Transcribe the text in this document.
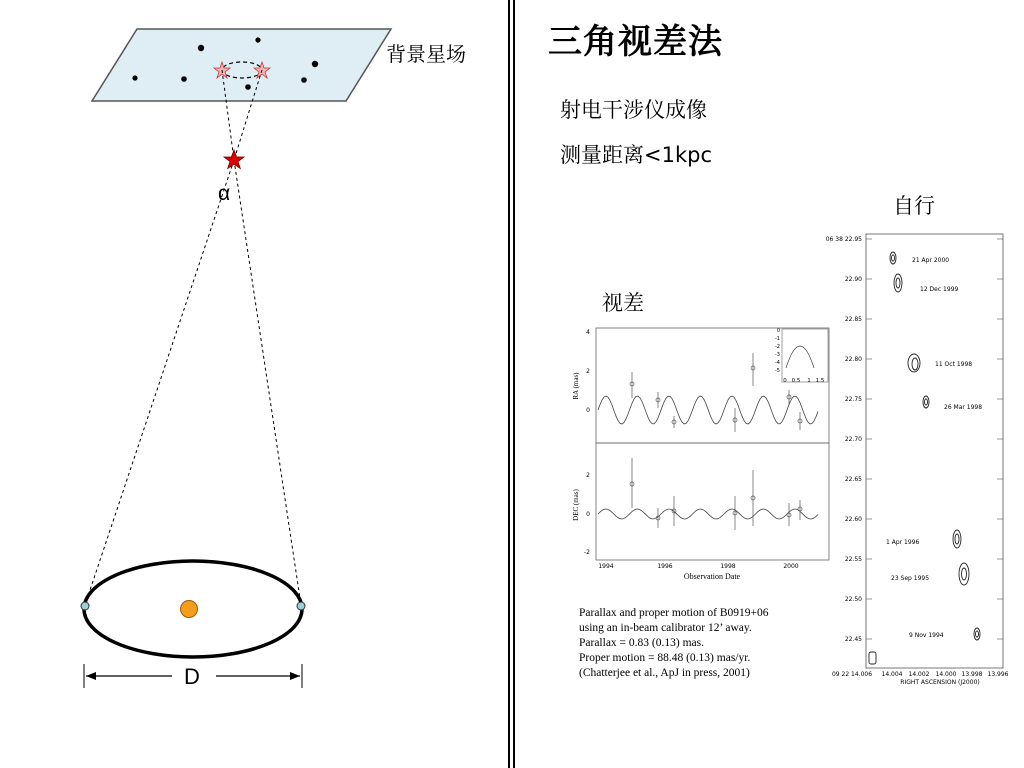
背景星场
α
D
三角视差法
射电干涉仪成像
测量距离<1kpc
自行
视差
4
2
0
RA (mas)
2
0
-2
DEC (mas)
0
-1
-2
-3
-4
-5
0 0.5 1 1.5
1994	1996	1998	2000
Observation Date
Parallax and proper motion of B0919+06
using an in-beam calibrator 12’ away.
Parallax = 0.83 (0.13) mas.
Proper motion = 88.48 (0.13) mas/yr.
(Chatterjee et al., ApJ in press, 2001)
06 38 22.95
22.90
22.85
22.80
22.75
22.70
22.65
22.60
22.55
22.50
22.45
09 22 14.006 14.004 14.002 14.000 13.998 13.996
RIGHT ASCENSION (J2000)
21 Apr 2000
12 Dec 1999
11 Oct 1998
26 Mar 1998
1 Apr 1996
23 Sep 1995
9 Nov 1994
